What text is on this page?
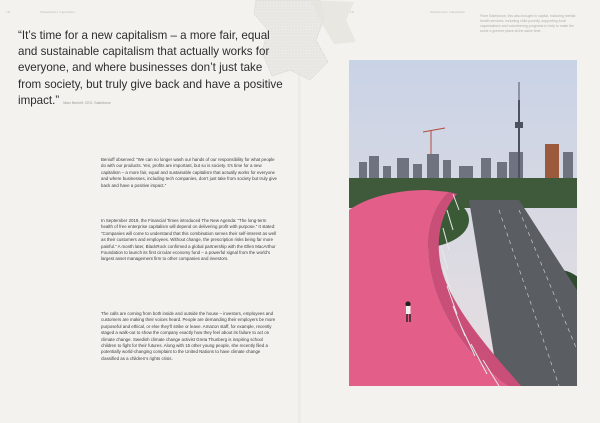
18	Stakeholder Capitalism	19	Stakeholder Capitalism
“It’s time for a new capitalism – a more fair, equal and sustainable capitalism that actually works for everyone, and where businesses don’t just take from society, but truly give back and have a positive impact.” Marc Benioff, CEO, Salesforce

Benioff observed: “We can no longer wash our hands of our responsibility for what people do with our products. Yes, profits are important, but so is society. It’s time for a new capitalism – a more fair, equal and sustainable capitalism that actually works for everyone and where businesses, including tech companies, don’t just take from society but truly give back and have a positive impact.”

In September 2019, the Financial Times introduced The New Agenda: “The long-term health of free enterprise capitalism will depend on delivering profit with purpose.” It stated: “Companies will come to understand that this combination serves their self-interest as well as their customers and employees. Without change, the prescription risks being far more painful.” A month later, BlackRock confirmed a global partnership with the Ellen MacArthur Foundation to launch its first circular economy fund – a powerful signal from the world’s largest asset management firm to other companies and investors.

The calls are coming from both inside and outside the house – investors, employees and customers are making their voices heard. People are demanding their employers be more purposeful and ethical, or else they’ll strike or leave. Amazon staff, for example, recently staged a walk-out to show the company exactly how they feel about its failure to act on climate change. Swedish climate change activist Greta Thunberg is inspiring school children to fight for their futures. Along with 15 other young people, she recently filed a potentially world-changing complaint to the United Nations to have climate change classified as a children’s rights crisis.

From Salesforce, this also brought in capital, including mental health services, including child poverty, supporting local organisations and volunteering programs to help to make the world a greener place at the same time.
